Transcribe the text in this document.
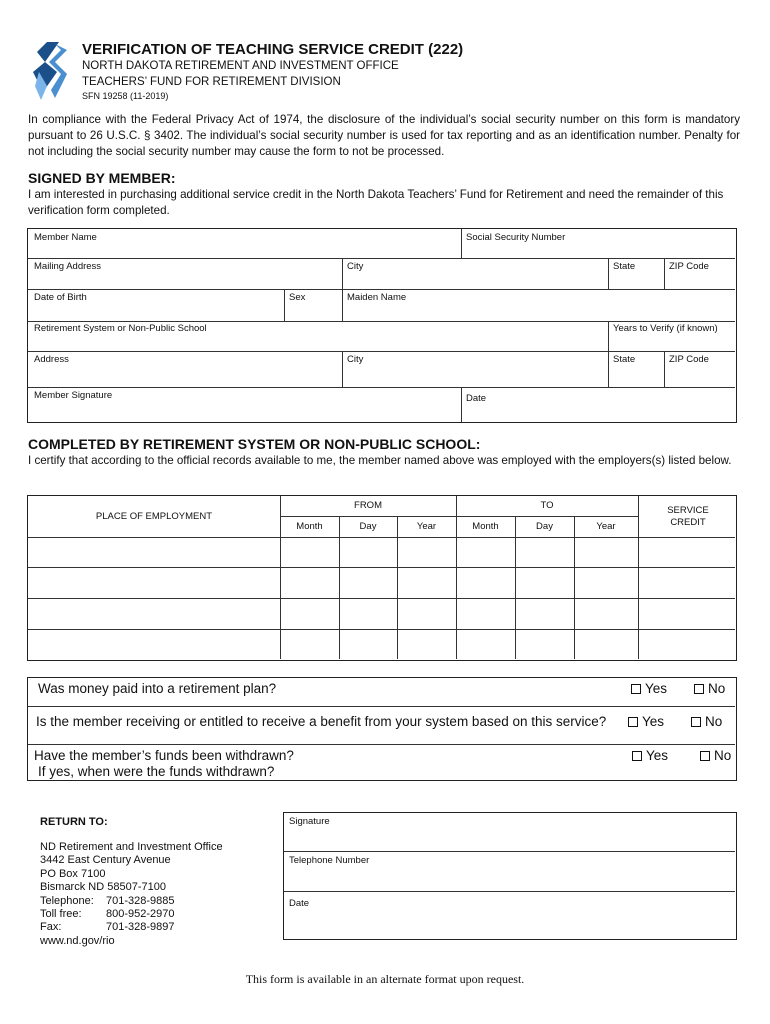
VERIFICATION OF TEACHING SERVICE CREDIT (222)
NORTH DAKOTA RETIREMENT AND INVESTMENT OFFICE
TEACHERS’ FUND FOR RETIREMENT DIVISION
SFN 19258 (11-2019)
In compliance with the Federal Privacy Act of 1974, the disclosure of the individual’s social security number on this form is mandatory pursuant to 26 U.S.C. § 3402. The individual’s social security number is used for tax reporting and as an identification number. Penalty for not including the social security number may cause the form to not be processed.
SIGNED BY MEMBER:
I am interested in purchasing additional service credit in the North Dakota Teachers’ Fund for Retirement and need the remainder of this verification form completed.
Member Name	Social Security Number
Mailing Address	City	State	ZIP Code
Date of Birth	Sex	Maiden Name
Retirement System or Non-Public School	Years to Verify (if known)
Address	City	State	ZIP Code
Member Signature	Date
COMPLETED BY RETIREMENT SYSTEM OR NON-PUBLIC SCHOOL:
I certify that according to the official records available to me, the member named above was employed with the employers(s) listed below.
PLACE OF EMPLOYMENT
FROM	TO	SERVICE
CREDIT
Month	Day	Year	Month	Day	Year
Was money paid into a retirement plan?	Yes	No
Is the member receiving or entitled to receive a benefit from your system based on this service?	Yes	No
Have the member’s funds been withdrawn?
If yes, when were the funds withdrawn?
Yes	No
RETURN TO:
ND Retirement and Investment Office
3442 East Century Avenue
PO Box 7100
Bismarck ND 58507-7100
Telephone: 701-328-9885
Toll free: 800-952-2970
Fax:	701-328-9897
www.nd.gov/rio
Signature
Telephone Number
Date
This form is available in an alternate format upon request.
